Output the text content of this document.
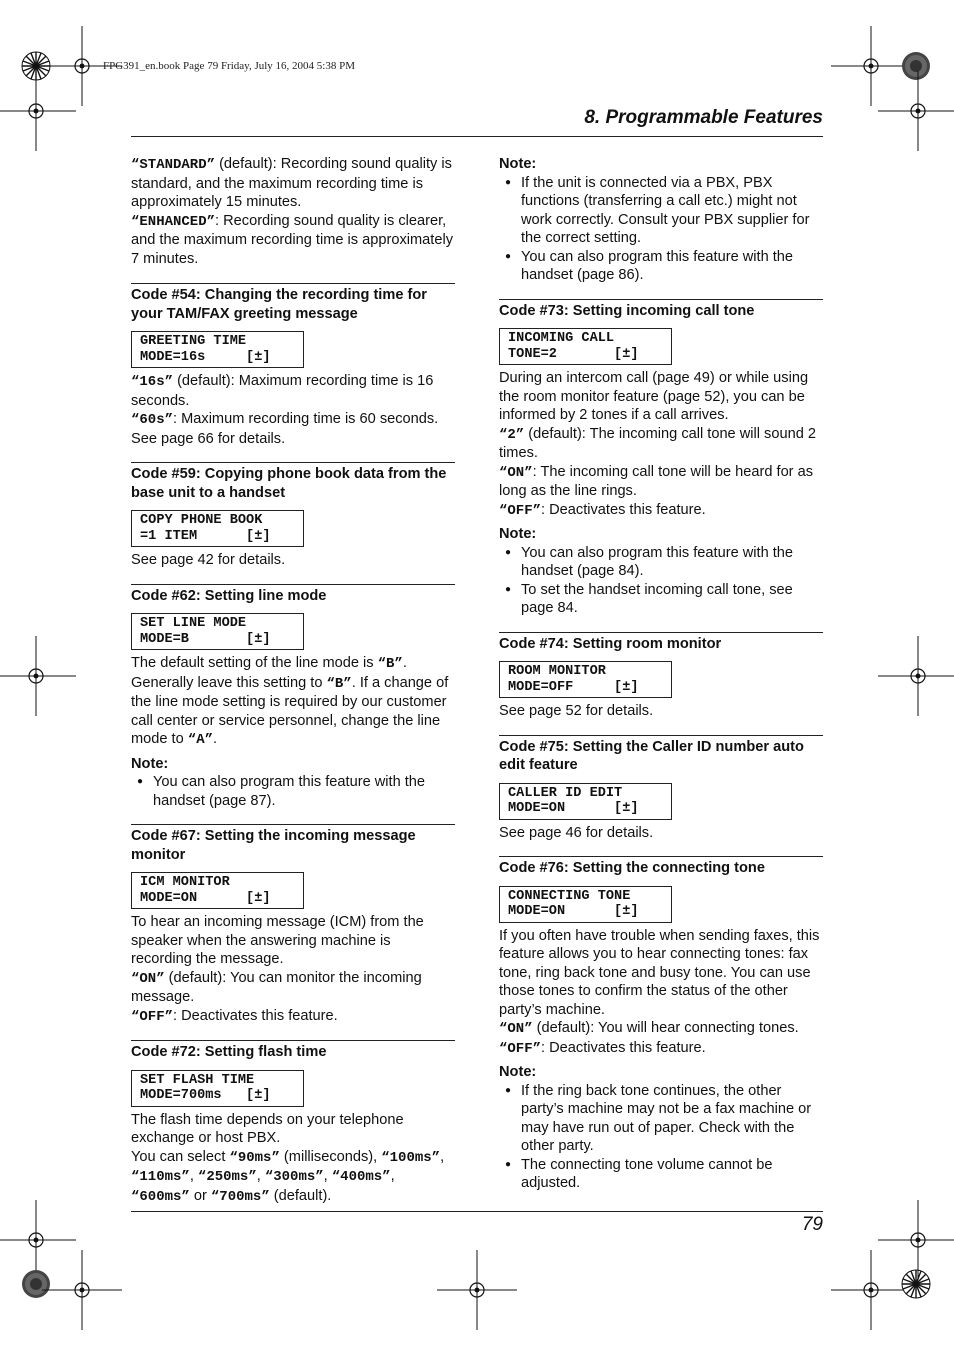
FPG391_en.book Page 79 Friday, July 16, 2004 5:38 PM
8. Programmable Features

“STANDARD” (default): Recording sound quality is standard, and the maximum recording time is approximately 15 minutes.

“ENHANCED”: Recording sound quality is clearer, and the maximum recording time is approximately 7 minutes.

Code #54: Changing the recording time for your TAM/FAX greeting message
GREETING TIME
MODE=16s     [±]

“16s” (default): Maximum recording time is 16 seconds.

“60s”: Maximum recording time is 60 seconds.

See page 66 for details.

Code #59: Copying phone book data from the base unit to a handset
COPY PHONE BOOK
=1 ITEM      [±]

See page 42 for details.

Code #62: Setting line mode
SET LINE MODE
MODE=B       [±]

The default setting of the line mode is “B”. Generally leave this setting to “B”. If a change of the line mode setting is required by our customer call center or service personnel, change the line mode to “A”.

Note:
● You can also program this feature with the handset (page 87).
Code #67: Setting the incoming message monitor
ICM MONITOR
MODE=ON      [±]

To hear an incoming message (ICM) from the speaker when the answering machine is recording the message.

“ON” (default): You can monitor the incoming message.

“OFF”: Deactivates this feature.

Code #72: Setting flash time
SET FLASH TIME
MODE=700ms   [±]

The flash time depends on your telephone exchange or host PBX.

You can select “90ms” (milliseconds), “100ms”, “110ms”, “250ms”, “300ms”, “400ms”, “600ms” or “700ms” (default).

Note:
● If the unit is connected via a PBX, PBX functions (transferring a call etc.) might not work correctly. Consult your PBX supplier for the correct setting.
● You can also program this feature with the handset (page 86).
Code #73: Setting incoming call tone
INCOMING CALL
TONE=2       [±]

During an intercom call (page 49) or while using the room monitor feature (page 52), you can be informed by 2 tones if a call arrives.

“2” (default): The incoming call tone will sound 2 times.

“ON”: The incoming call tone will be heard for as long as the line rings.

“OFF”: Deactivates this feature.

Note:
● You can also program this feature with the handset (page 84).
● To set the handset incoming call tone, see page 84.
Code #74: Setting room monitor
ROOM MONITOR
MODE=OFF     [±]

See page 52 for details.

Code #75: Setting the Caller ID number auto edit feature
CALLER ID EDIT
MODE=ON      [±]

See page 46 for details.

Code #76: Setting the connecting tone
CONNECTING TONE
MODE=ON      [±]

If you often have trouble when sending faxes, this feature allows you to hear connecting tones: fax tone, ring back tone and busy tone. You can use those tones to confirm the status of the other party’s machine.

“ON” (default): You will hear connecting tones.

“OFF”: Deactivates this feature.

Note:
● If the ring back tone continues, the other party’s machine may not be a fax machine or may have run out of paper. Check with the other party.
● The connecting tone volume cannot be adjusted.
79
